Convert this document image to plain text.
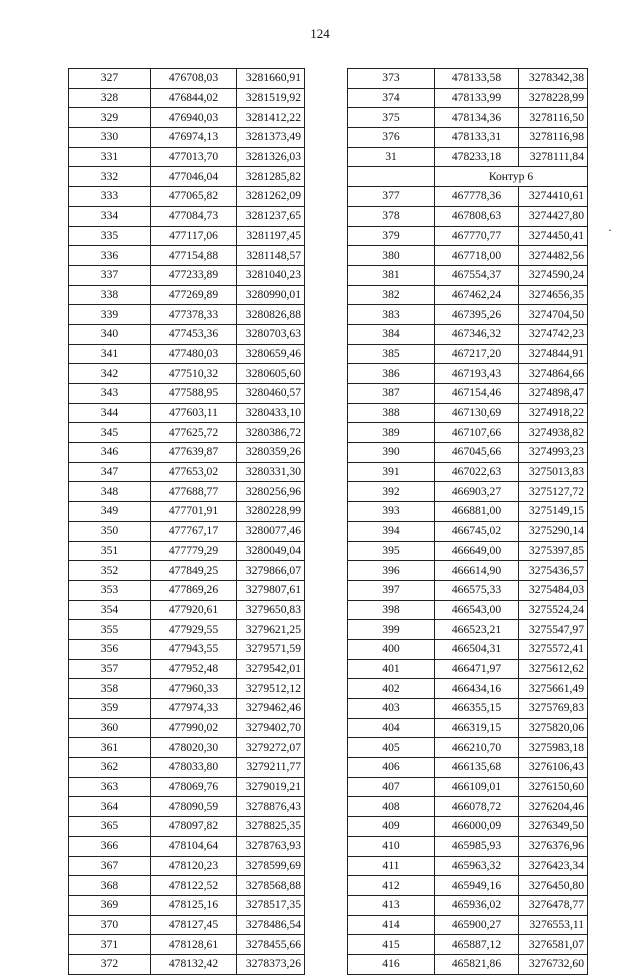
124
327	476708,03	3281660,91
328	476844,02	3281519,92
329	476940,03	3281412,22
330	476974,13	3281373,49
331	477013,70	3281326,03
332	477046,04	3281285,82
333	477065,82	3281262,09
334	477084,73	3281237,65
335	477117,06	3281197,45
336	477154,88	3281148,57
337	477233,89	3281040,23
338	477269,89	3280990,01
339	477378,33	3280826,88
340	477453,36	3280703,63
341	477480,03	3280659,46
342	477510,32	3280605,60
343	477588,95	3280460,57
344	477603,11	3280433,10
345	477625,72	3280386,72
346	477639,87	3280359,26
347	477653,02	3280331,30
348	477688,77	3280256,96
349	477701,91	3280228,99
350	477767,17	3280077,46
351	477779,29	3280049,04
352	477849,25	3279866,07
353	477869,26	3279807,61
354	477920,61	3279650,83
355	477929,55	3279621,25
356	477943,55	3279571,59
357	477952,48	3279542,01
358	477960,33	3279512,12
359	477974,33	3279462,46
360	477990,02	3279402,70
361	478020,30	3279272,07
362	478033,80	3279211,77
363	478069,76	3279019,21
364	478090,59	3278876,43
365	478097,82	3278825,35
366	478104,64	3278763,93
367	478120,23	3278599,69
368	478122,52	3278568,88
369	478125,16	3278517,35
370	478127,45	3278486,54
371	478128,61	3278455,66
372	478132,42	3278373,26
373	478133,58	3278342,38
374	478133,99	3278228,99
375	478134,36	3278116,50
376	478133,31	3278116,98
31	478233,18	3278111,84
	Контур 6	
377	467778,36	3274410,61
378	467808,63	3274427,80
379	467770,77	3274450,41
380	467718,00	3274482,56
381	467554,37	3274590,24
382	467462,24	3274656,35
383	467395,26	3274704,50
384	467346,32	3274742,23
385	467217,20	3274844,91
386	467193,43	3274864,66
387	467154,46	3274898,47
388	467130,69	3274918,22
389	467107,66	3274938,82
390	467045,66	3274993,23
391	467022,63	3275013,83
392	466903,27	3275127,72
393	466881,00	3275149,15
394	466745,02	3275290,14
395	466649,00	3275397,85
396	466614,90	3275436,57
397	466575,33	3275484,03
398	466543,00	3275524,24
399	466523,21	3275547,97
400	466504,31	3275572,41
401	466471,97	3275612,62
402	466434,16	3275661,49
403	466355,15	3275769,83
404	466319,15	3275820,06
405	466210,70	3275983,18
406	466135,68	3276106,43
407	466109,01	3276150,60
408	466078,72	3276204,46
409	466000,09	3276349,50
410	465985,93	3276376,96
411	465963,32	3276423,34
412	465949,16	3276450,80
413	465936,02	3276478,77
414	465900,27	3276553,11
415	465887,12	3276581,07
416	465821,86	3276732,60
·
